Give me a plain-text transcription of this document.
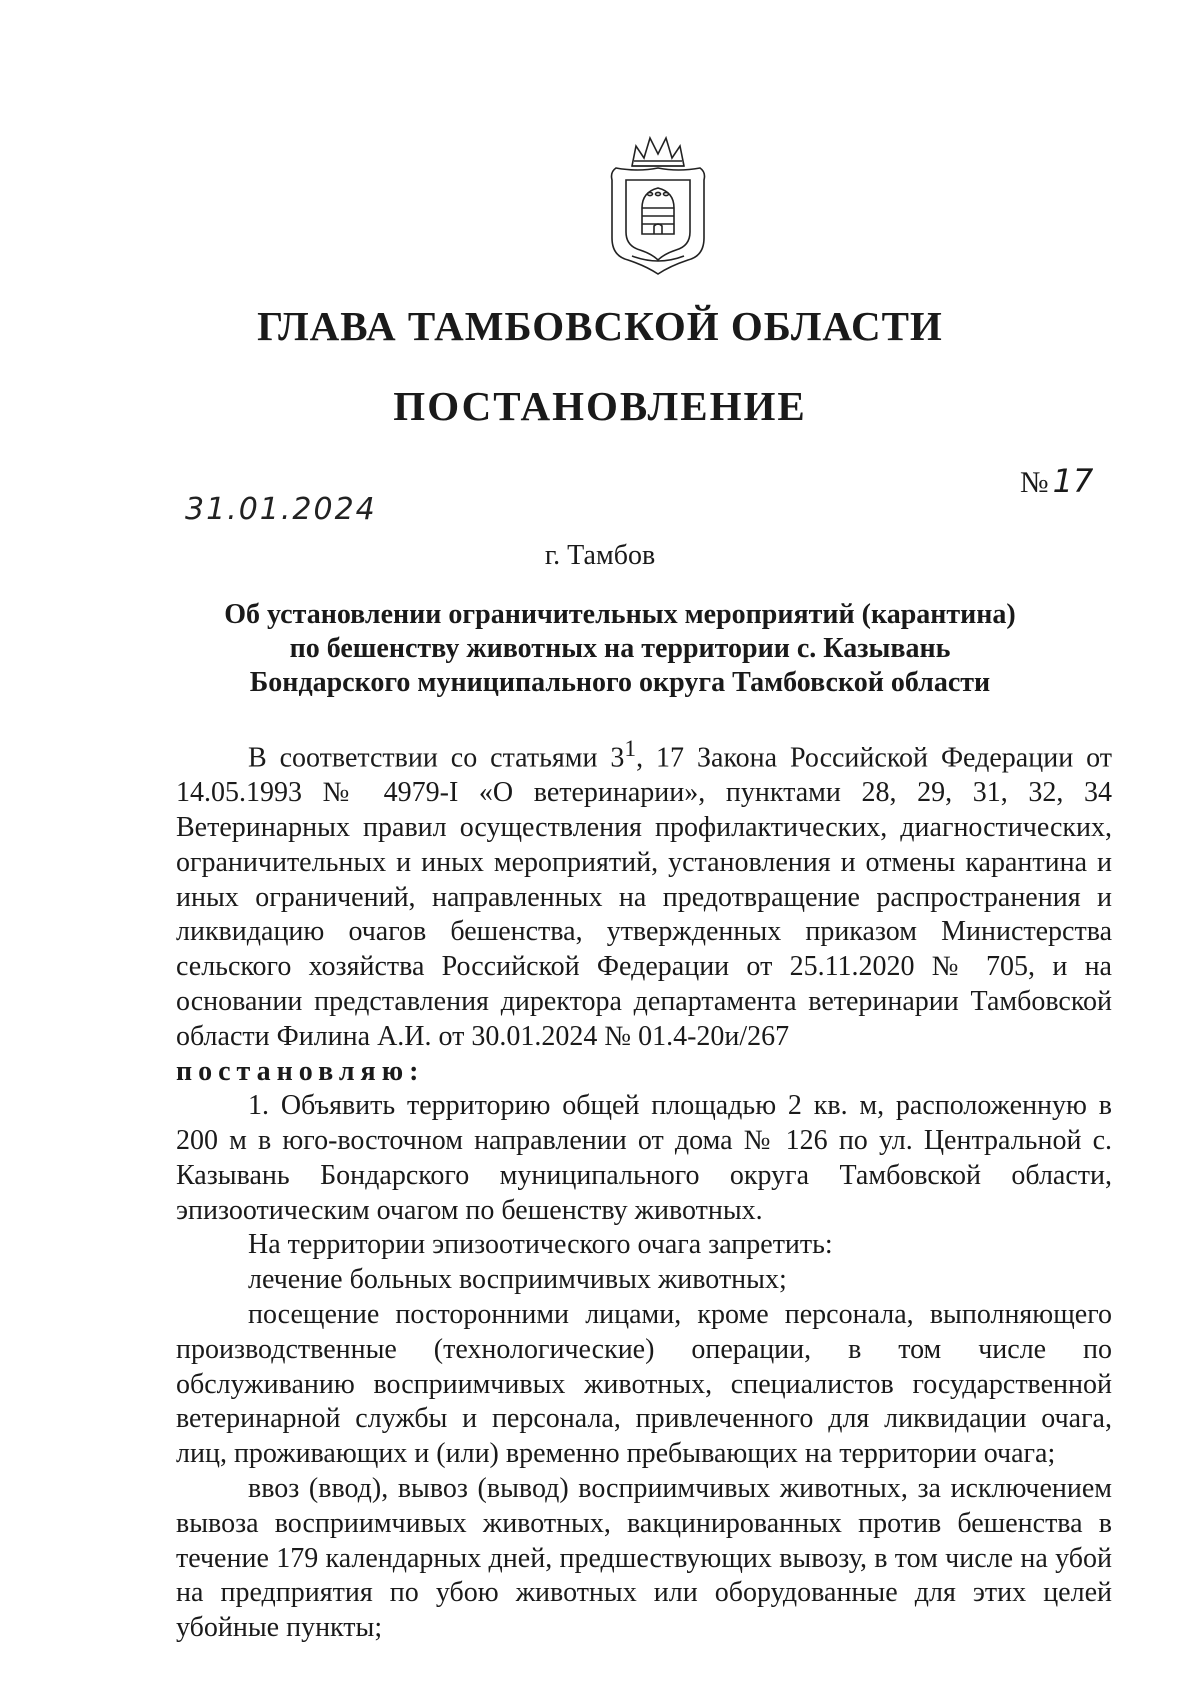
ГЛАВА ТАМБОВСКОЙ ОБЛАСТИ
ПОСТАНОВЛЕНИЕ
31.01.2024
№ 17
г. Тамбов
Об установлении ограничительных мероприятий (карантина)
по бешенству животных на территории с. Казывань
Бондарского муниципального округа Тамбовской области

В соответствии со статьями $3^1$, 17 Закона Российской Федерации от 14.05.1993 № 4979-I «О ветеринарии», пунктами 28, 29, 31, 32, 34 Ветеринарных правил осуществления профилактических, диагностических, ограничительных и иных мероприятий, установления и отмены карантина и иных ограничений, направленных на предотвращение распространения и ликвидацию очагов бешенства, утвержденных приказом Министерства сельского хозяйства Российской Федерации от 25.11.2020 № 705, и на основании представления директора департамента ветеринарии Тамбовской области Филина А.И. от 30.01.2024 № 01.4-20и/267

постановляю:

1. Объявить территорию общей площадью 2 кв. м, расположенную в 200 м в юго-восточном направлении от дома № 126 по ул. Центральной с. Казывань Бондарского муниципального округа Тамбовской области, эпизоотическим очагом по бешенству животных.

На территории эпизоотического очага запретить:

лечение больных восприимчивых животных;

посещение посторонними лицами, кроме персонала, выполняющего производственные (технологические) операции, в том числе по обслуживанию восприимчивых животных, специалистов государственной ветеринарной службы и персонала, привлеченного для ликвидации очага, лиц, проживающих и (или) временно пребывающих на территории очага;

ввоз (ввод), вывоз (вывод) восприимчивых животных, за исключением вывоза восприимчивых животных, вакцинированных против бешенства в течение 179 календарных дней, предшествующих вывозу, в том числе на убой на предприятия по убою животных или оборудованные для этих целей убойные пункты;
